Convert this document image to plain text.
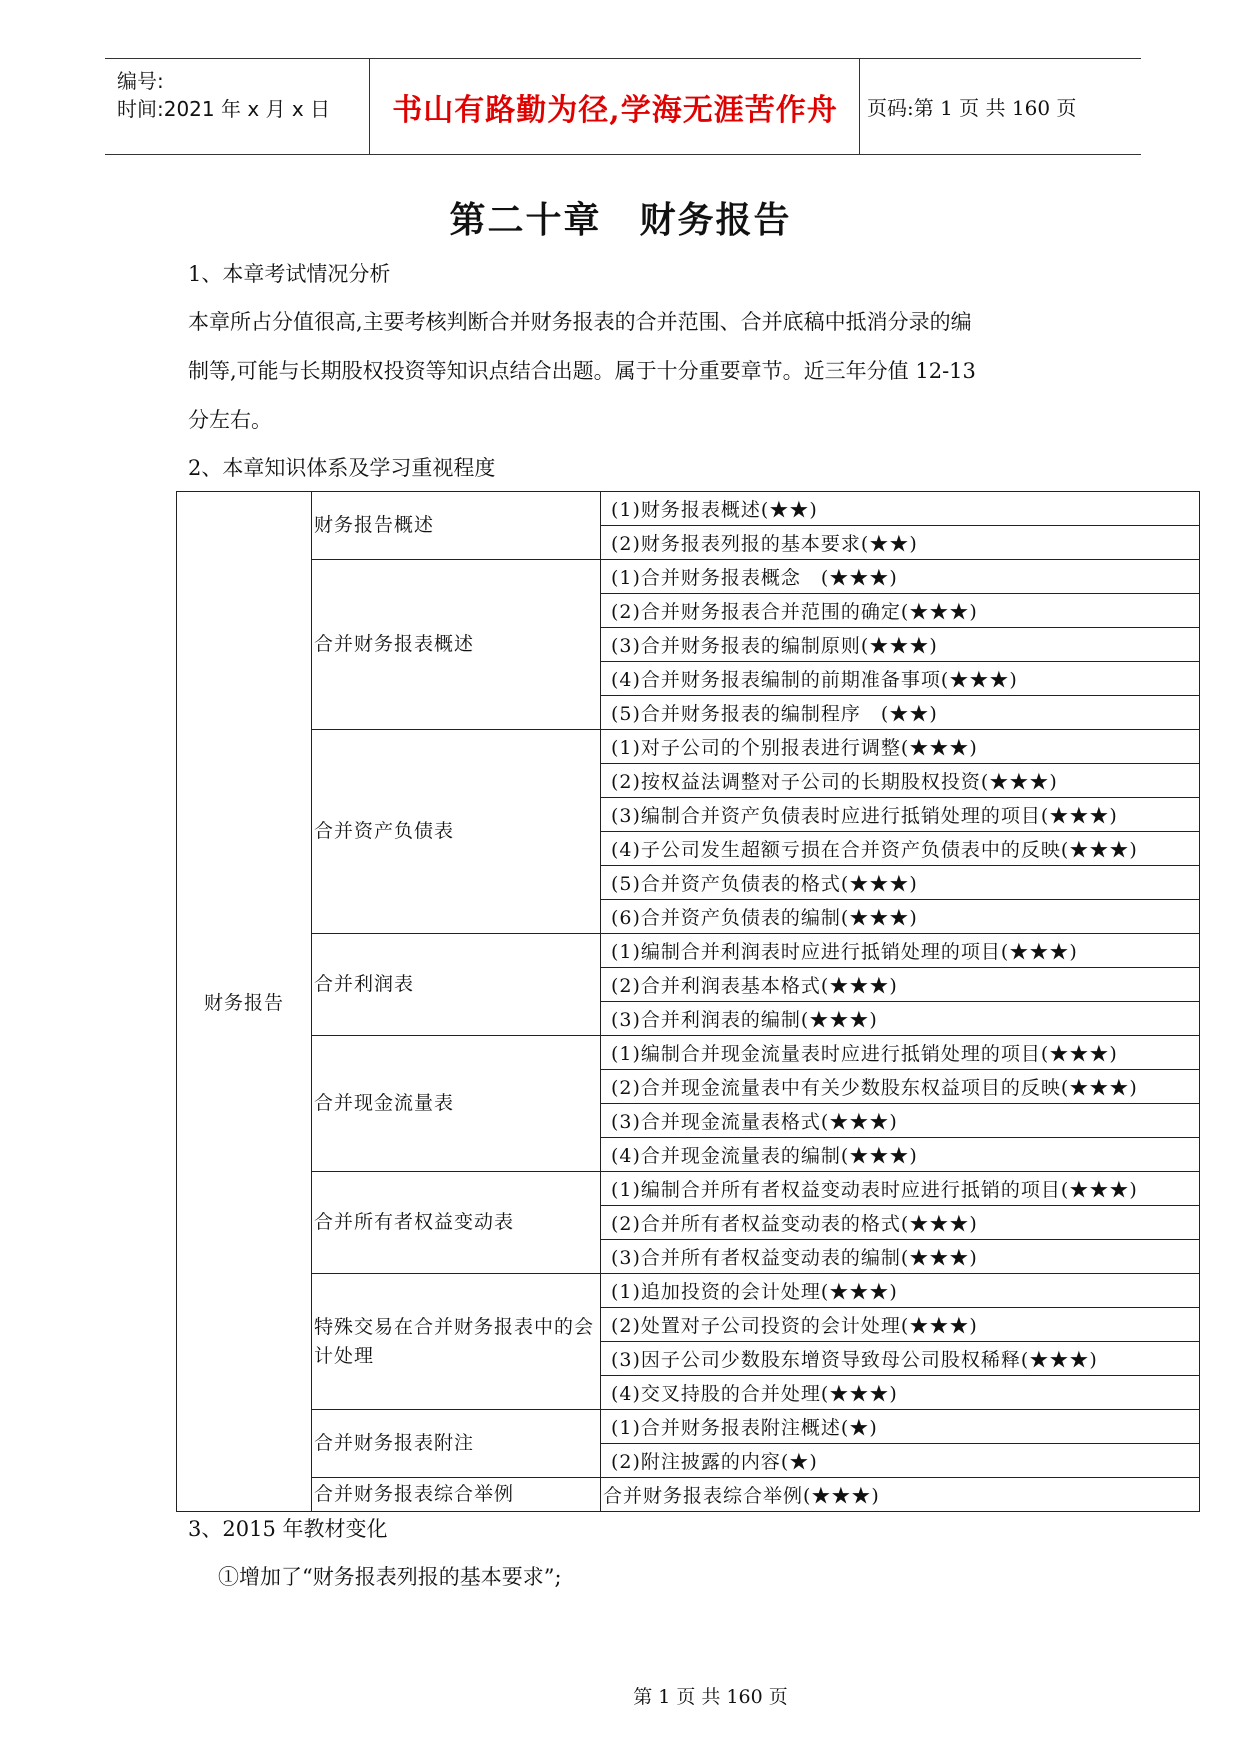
编号:
时间:2021 年 x 月 x 日	书山有路勤为径,学海无涯苦作舟	页码:第 1 页 共 160 页
第二十章　财务报告
1、本章考试情况分析
本章所占分值很高,主要考核判断合并财务报表的合并范围、合并底稿中抵消分录的编
制等,可能与长期股权投资等知识点结合出题。属于十分重要章节。近三年分值 12-13
分左右。
2、本章知识体系及学习重视程度
财务报告	财务报告概述	(1)财务报表概述(★★)
		(2)财务报表列报的基本要求(★★)
	合并财务报表概述	(1)合并财务报表概念　(★★★)
		(2)合并财务报表合并范围的确定(★★★)
		(3)合并财务报表的编制原则(★★★)
		(4)合并财务报表编制的前期准备事项(★★★)
		(5)合并财务报表的编制程序　(★★)
	合并资产负债表	(1)对子公司的个别报表进行调整(★★★)
		(2)按权益法调整对子公司的长期股权投资(★★★)
		(3)编制合并资产负债表时应进行抵销处理的项目(★★★)
		(4)子公司发生超额亏损在合并资产负债表中的反映(★★★)
		(5)合并资产负债表的格式(★★★)
		(6)合并资产负债表的编制(★★★)
	合并利润表	(1)编制合并利润表时应进行抵销处理的项目(★★★)
		(2)合并利润表基本格式(★★★)
		(3)合并利润表的编制(★★★)
	合并现金流量表	(1)编制合并现金流量表时应进行抵销处理的项目(★★★)
		(2)合并现金流量表中有关少数股东权益项目的反映(★★★)
		(3)合并现金流量表格式(★★★)
		(4)合并现金流量表的编制(★★★)
	合并所有者权益变动表	(1)编制合并所有者权益变动表时应进行抵销的项目(★★★)
		(2)合并所有者权益变动表的格式(★★★)
		(3)合并所有者权益变动表的编制(★★★)
	特殊交易在合并财务报表中的会计处理	(1)追加投资的会计处理(★★★)
		(2)处置对子公司投资的会计处理(★★★)
		(3)因子公司少数股东增资导致母公司股权稀释(★★★)
		(4)交叉持股的合并处理(★★★)
	合并财务报表附注	(1)合并财务报表附注概述(★)
		(2)附注披露的内容(★)
	合并财务报表综合举例	合并财务报表综合举例(★★★)
3、2015 年教材变化
①增加了“财务报表列报的基本要求”;
第 1 页 共 160 页
